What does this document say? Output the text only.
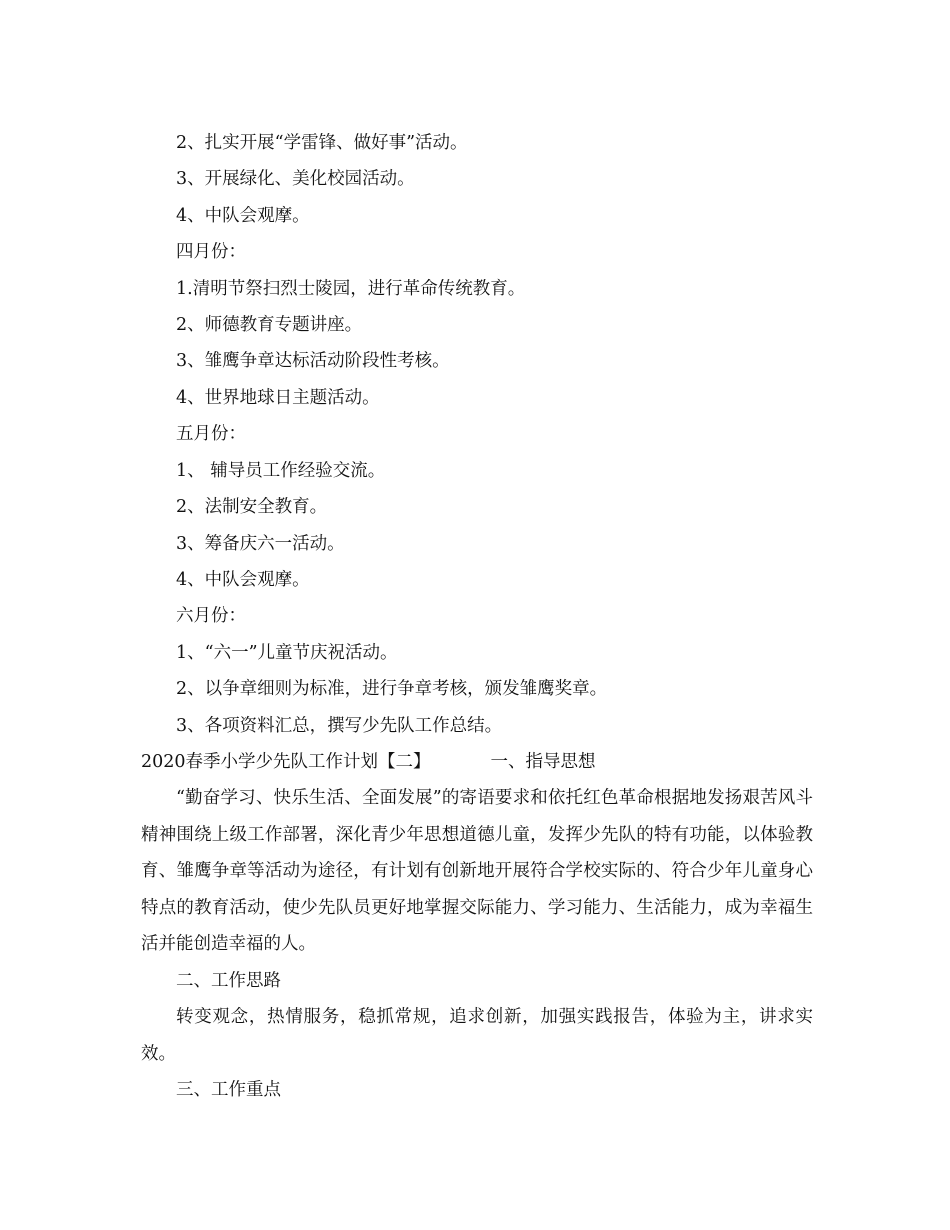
2、扎实开展“学雷锋、做好事”活动。

3、开展绿化、美化校园活动。

4、中队会观摩。

四月份：

1.清明节祭扫烈士陵园，进行革命传统教育。

2、师德教育专题讲座。

3、雏鹰争章达标活动阶段性考核。

4、世界地球日主题活动。

五月份：

1、 辅导员工作经验交流。

2、法制安全教育。

3、筹备庆六一活动。

4、中队会观摩。

六月份：

1、“六一”儿童节庆祝活动。

2、以争章细则为标准，进行争章考核，颁发雏鹰奖章。

3、各项资料汇总，撰写少先队工作总结。

2020春季小学少先队工作计划【二】	一、指导思想

“勤奋学习、快乐生活、全面发展”的寄语要求和依托红色革命根据地发扬艰苦风斗精神围绕上级工作部署，深化青少年思想道德儿童，发挥少先队的特有功能，以体验教育、雏鹰争章等活动为途径，有计划有创新地开展符合学校实际的、符合少年儿童身心特点的教育活动，使少先队员更好地掌握交际能力、学习能力、生活能力，成为幸福生活并能创造幸福的人。

二、工作思路

转变观念，热情服务，稳抓常规，追求创新，加强实践报告，体验为主，讲求实效。

三、工作重点
